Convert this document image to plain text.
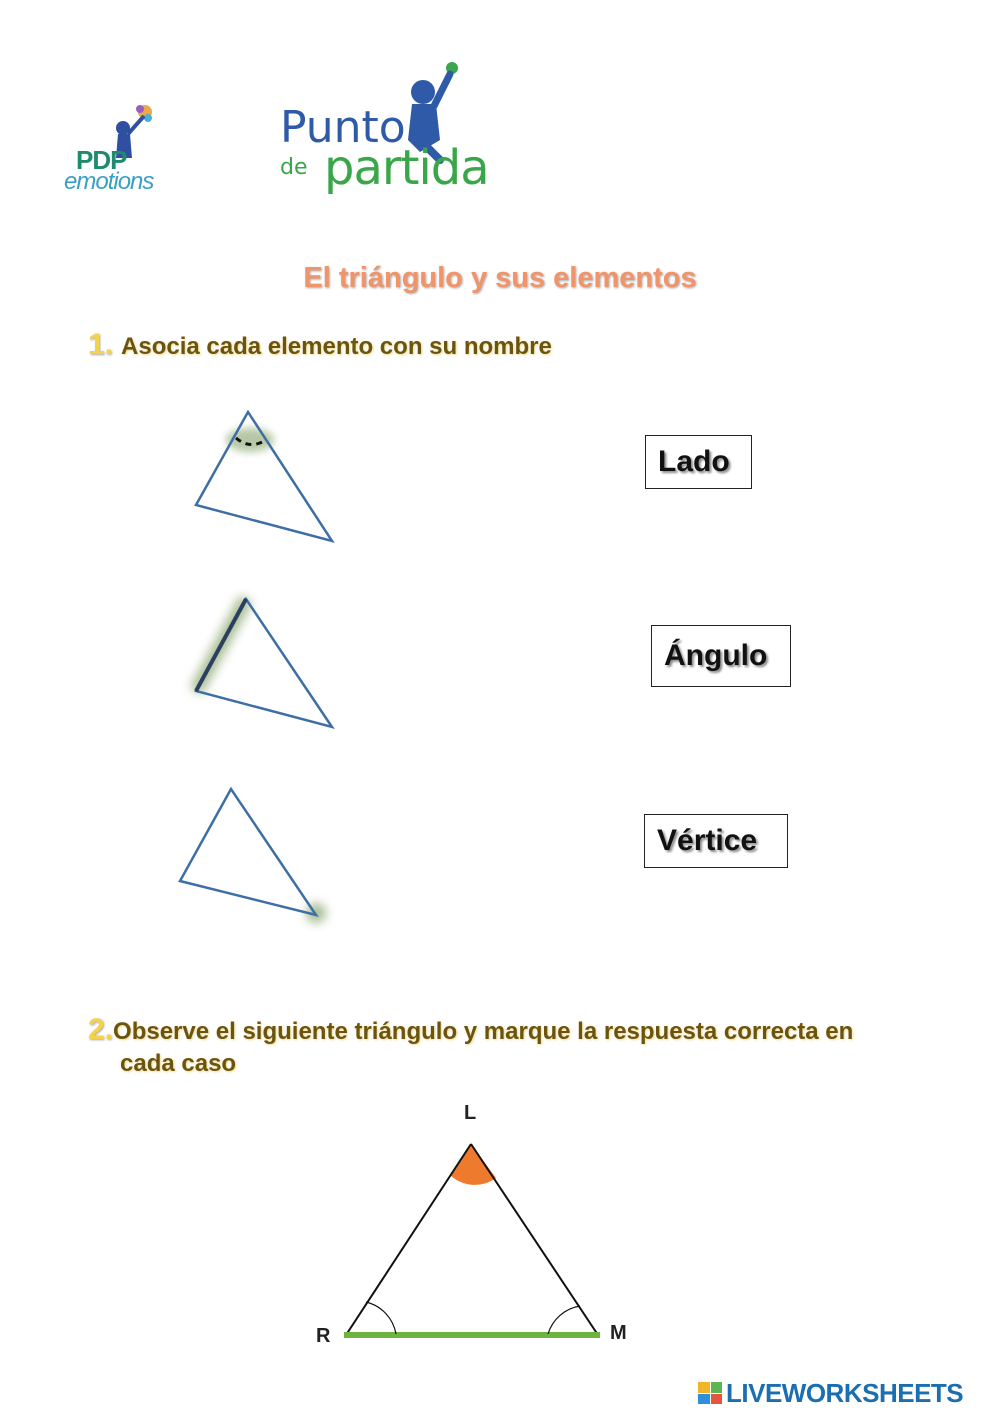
PDP
emotions
Punto
de partida
El triángulo y sus elementos
1. Asocia cada elemento con su nombre
Lado
Ángulo
Vértice
2.Observe el siguiente triángulo y marque la respuesta correcta en
cada caso
L
R	M
LIVEWORKSHEETS
